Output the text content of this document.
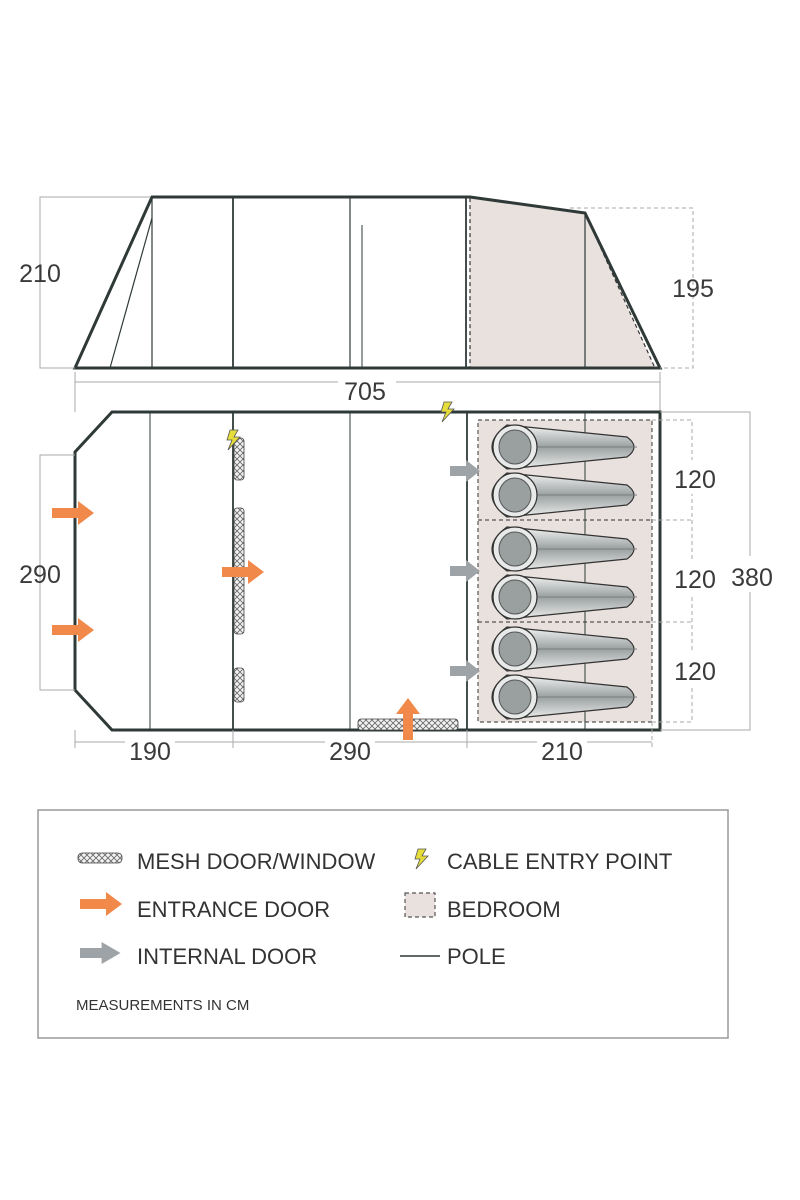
210
195
705
290	380
120
120
120
190	290	210
MESH DOOR/WINDOW
ENTRANCE DOOR
INTERNAL DOOR
CABLE ENTRY POINT
BEDROOM
POLE
MEASUREMENTS IN CM
